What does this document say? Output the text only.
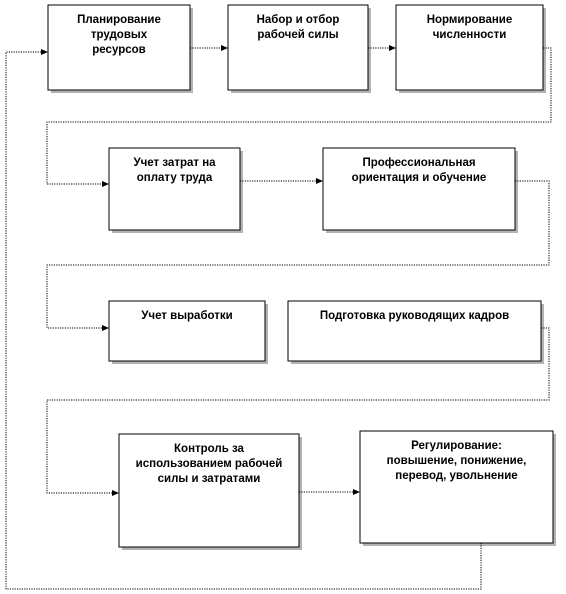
Планирование
трудовых
ресурсов
Набор и отбор
рабочей силы
Нормирование
численности
Учет затрат на
оплату труда
Профессиональная
ориентация и обучение
Учет выработки	Подготовка руководящих кадров
Контроль за
использованием рабочей
силы и затратами
Регулирование:
повышение, понижение,
перевод, увольнение
